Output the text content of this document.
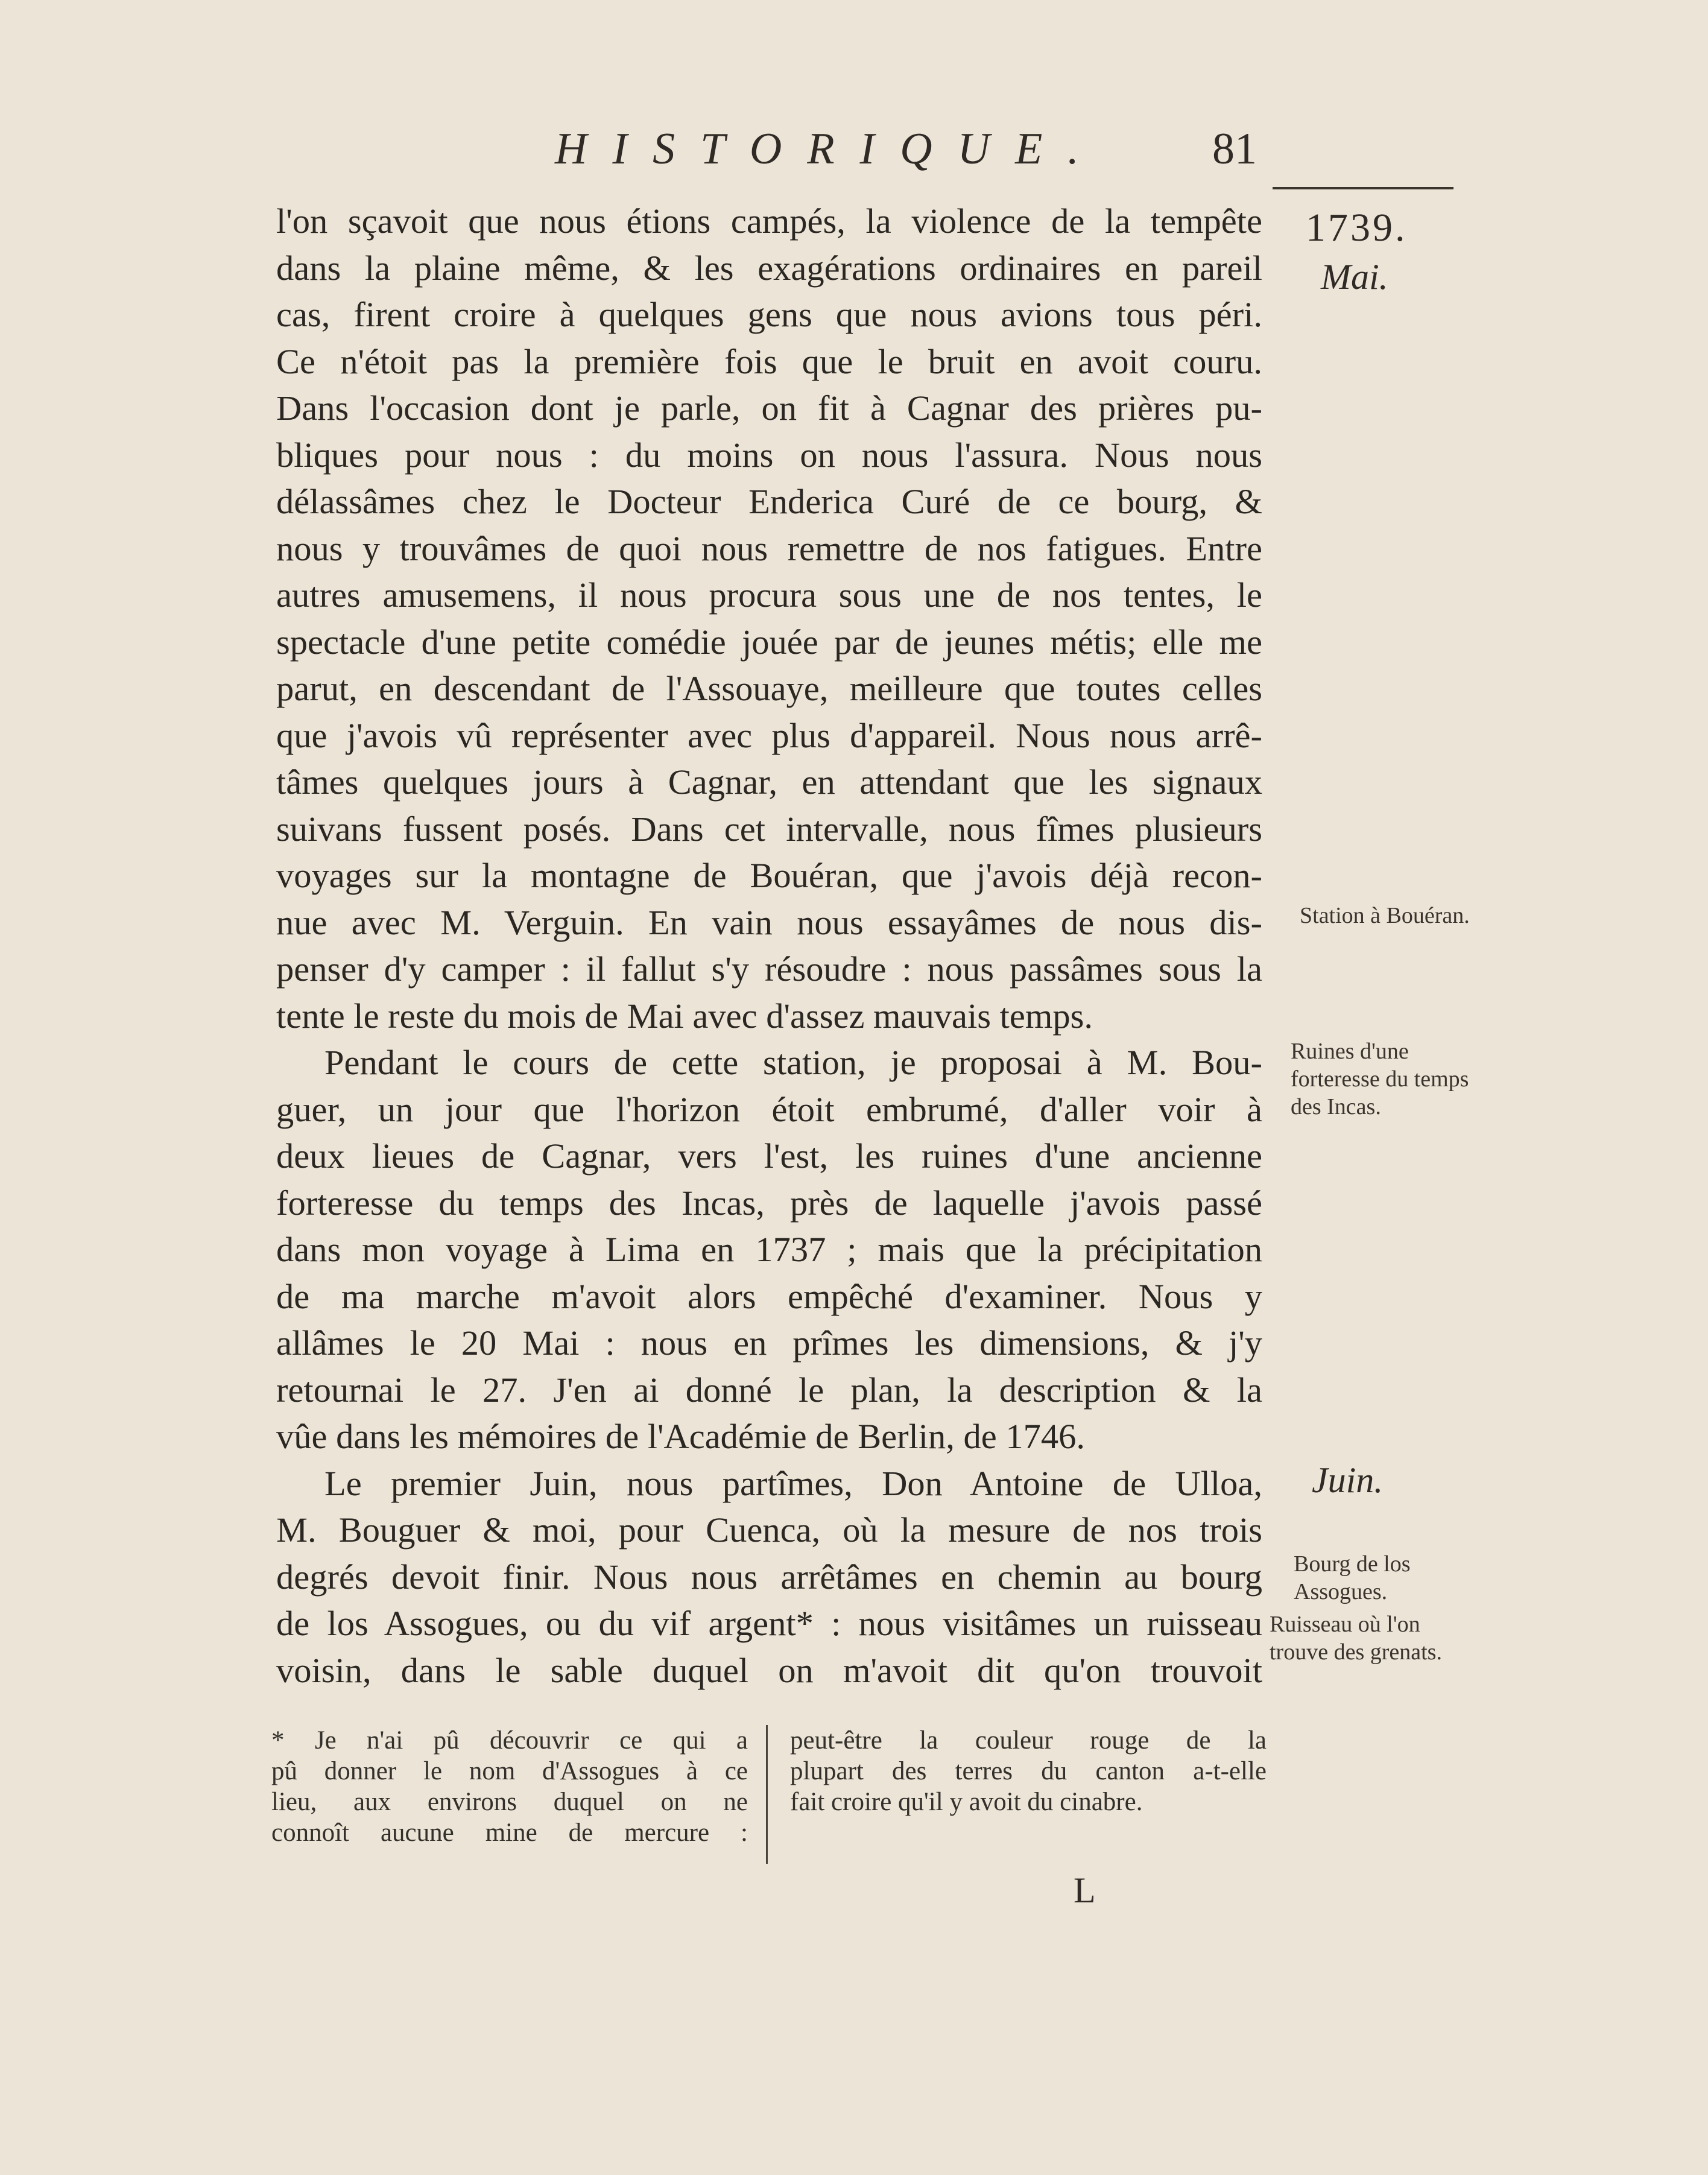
HISTORIQUE. 81
1739.
Mai.
Station à Bouéran.
Ruines d'une forteresse du temps des Incas.
Juin.
Bourg de los Assogues.
Ruisseau où l'on trouve des grenats.
l'on sçavoit que nous étions campés, la violence de la tempête
dans la plaine même, & les exagérations ordinaires en pareil
cas, firent croire à quelques gens que nous avions tous péri.
Ce n'étoit pas la première fois que le bruit en avoit couru.
Dans l'occasion dont je parle, on fit à Cagnar des prières pu-
bliques pour nous : du moins on nous l'assura. Nous nous
délassâmes chez le Docteur Enderica Curé de ce bourg, &
nous y trouvâmes de quoi nous remettre de nos fatigues. Entre
autres amusemens, il nous procura sous une de nos tentes, le
spectacle d'une petite comédie jouée par de jeunes métis; elle me
parut, en descendant de l'Assouaye, meilleure que toutes celles
que j'avois vû représenter avec plus d'appareil. Nous nous arrê-
tâmes quelques jours à Cagnar, en attendant que les signaux
suivans fussent posés. Dans cet intervalle, nous fîmes plusieurs
voyages sur la montagne de Bouéran, que j'avois déjà recon-
nue avec M. Verguin. En vain nous essayâmes de nous dis-
penser d'y camper : il fallut s'y résoudre : nous passâmes sous la
tente le reste du mois de Mai avec d'assez mauvais temps.
Pendant le cours de cette station, je proposai à M. Bou-
guer, un jour que l'horizon étoit embrumé, d'aller voir à
deux lieues de Cagnar, vers l'est, les ruines d'une ancienne
forteresse du temps des Incas, près de laquelle j'avois passé
dans mon voyage à Lima en 1737 ; mais que la précipitation
de ma marche m'avoit alors empêché d'examiner. Nous y
allâmes le 20 Mai : nous en prîmes les dimensions, & j'y
retournai le 27. J'en ai donné le plan, la description & la
vûe dans les mémoires de l'Académie de Berlin, de 1746.
Le premier Juin, nous partîmes, Don Antoine de Ulloa,
M. Bouguer & moi, pour Cuenca, où la mesure de nos trois
degrés devoit finir. Nous nous arrêtâmes en chemin au bourg
de los Assogues, ou du vif argent* : nous visitâmes un ruisseau
voisin, dans le sable duquel on m'avoit dit qu'on trouvoit
* Je n'ai pû découvrir ce qui a
pû donner le nom d'Assogues à ce
lieu, aux environs duquel on ne
connoît aucune mine de mercure :
peut-être la couleur rouge de la
plupart des terres du canton a-t-elle
fait croire qu'il y avoit du cinabre.
L
